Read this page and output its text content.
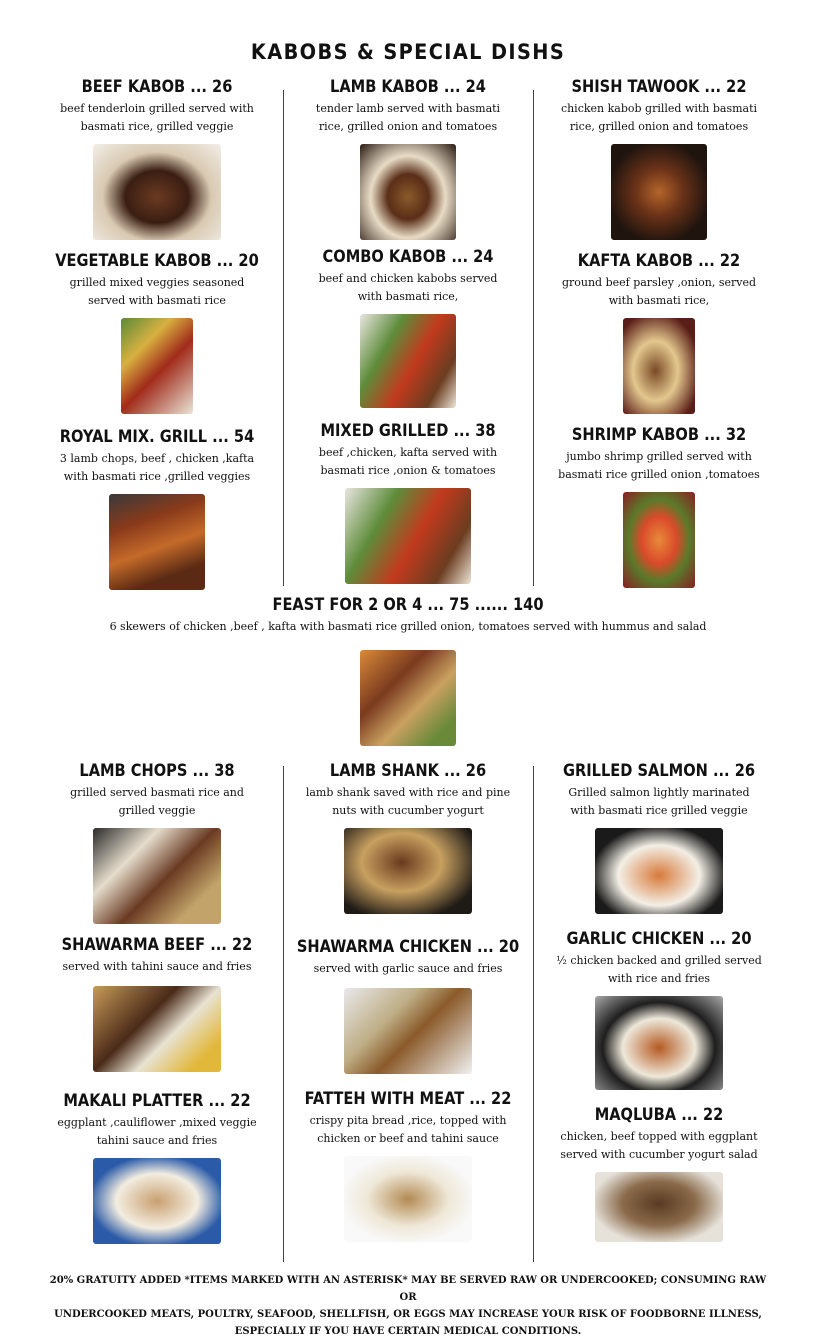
KABOBS & SPECIAL DISHS
BEEF KABOB ... 26
beef tenderloin grilled served with
basmati rice, grilled veggie
LAMB KABOB ... 24
tender lamb served with basmati
rice, grilled onion and tomatoes
SHISH TAWOOK ... 22
chicken kabob grilled with basmati
rice, grilled onion and tomatoes
VEGETABLE KABOB ... 20
grilled mixed veggies seasoned
served with basmati rice
COMBO KABOB ... 24
beef and chicken kabobs served
with basmati rice,
KAFTA KABOB ... 22
ground beef parsley ,onion, served
with basmati rice,
ROYAL MIX. GRILL ... 54
3 lamb chops, beef , chicken ,kafta
with basmati rice ,grilled veggies
MIXED GRILLED ... 38
beef ,chicken, kafta served with
basmati rice ,onion & tomatoes
SHRIMP KABOB ... 32
jumbo shrimp grilled served with
basmati rice grilled onion ,tomatoes
FEAST FOR 2 OR 4 ... 75 ...... 140
6 skewers of chicken ,beef , kafta with basmati rice grilled onion, tomatoes served with hummus and salad
LAMB CHOPS ... 38
grilled served basmati rice and
grilled veggie
LAMB SHANK ... 26
lamb shank saved with rice and pine
nuts with cucumber yogurt
GRILLED SALMON ... 26
Grilled salmon lightly marinated
with basmati rice grilled veggie
SHAWARMA BEEF ... 22
served with tahini sauce and fries
SHAWARMA CHICKEN ... 20
served with garlic sauce and fries
GARLIC CHICKEN ... 20
½ chicken backed and grilled served
with rice and fries
MAKALI PLATTER ... 22
eggplant ,cauliflower ,mixed veggie
tahini sauce and fries
FATTEH WITH MEAT ... 22
crispy pita bread ,rice, topped with
chicken or beef and tahini sauce
MAQLUBA ... 22
chicken, beef topped with eggplant
served with cucumber yogurt salad
20% GRATUITY ADDED *ITEMS MARKED WITH AN ASTERISK* MAY BE SERVED RAW OR UNDERCOOKED; CONSUMING RAW OR
UNDERCOOKED MEATS, POULTRY, SEAFOOD, SHELLFISH, OR EGGS MAY INCREASE YOUR RISK OF FOODBORNE ILLNESS,
ESPECIALLY IF YOU HAVE CERTAIN MEDICAL CONDITIONS.
